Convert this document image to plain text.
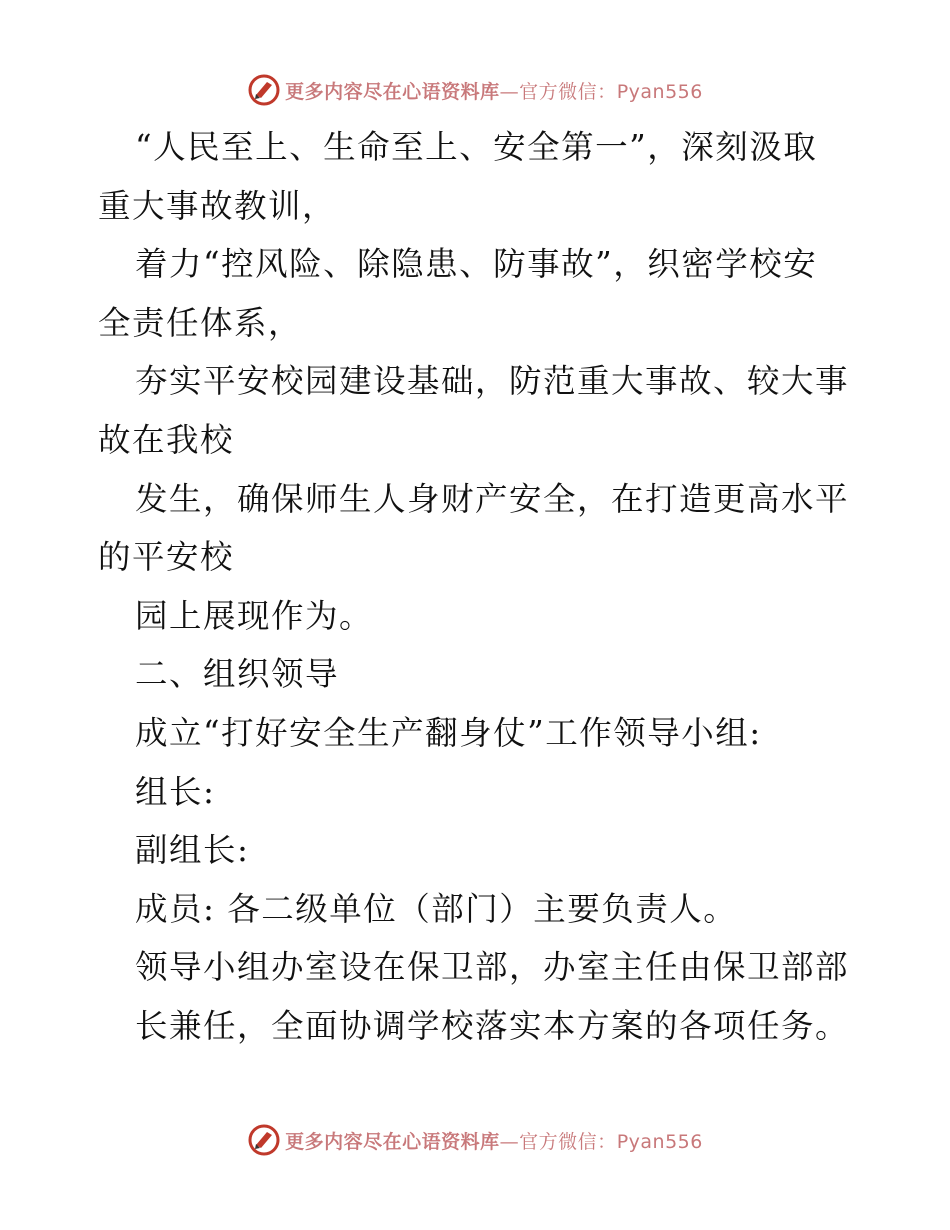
更多内容尽在心语资料库—官方微信：Pyan556
“人民至上、生命至上、安全第一”，深刻汲取
重大事故教训，
着力“控风险、除隐患、防事故”，织密学校安
全责任体系，
夯实平安校园建设基础，防范重大事故、较大事
故在我校
发生，确保师生人身财产安全，在打造更高水平
的平安校
园上展现作为。
二、组织领导
成立“打好安全生产翻身仗”工作领导小组:
组长:
副组长:
成员: 各二级单位（部门）主要负责人。
领导小组办室设在保卫部，办室主任由保卫部部
长兼任，全面协调学校落实本方案的各项任务。
更多内容尽在心语资料库—官方微信：Pyan556
